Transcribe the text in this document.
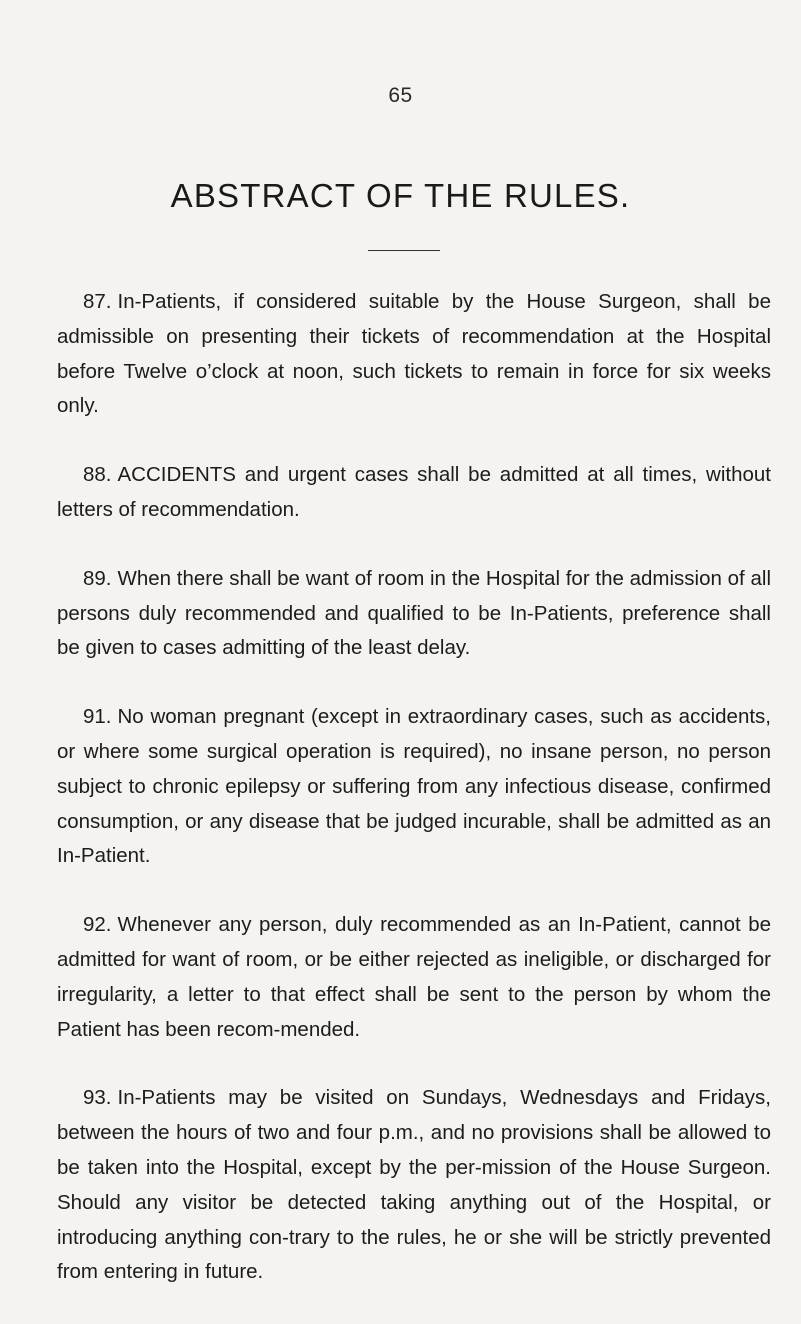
65
ABSTRACT OF THE RULES.

87. In-Patients, if considered suitable by the House Surgeon, shall be admissible on presenting their tickets of recommendation at the Hospital before Twelve o’clock at noon, such tickets to remain in force for six weeks only.

88. ACCIDENTS and urgent cases shall be admitted at all times, without letters of recommendation.

89. When there shall be want of room in the Hospital for the admission of all persons duly recommended and qualified to be In-Patients, preference shall be given to cases admitting of the least delay.

91. No woman pregnant (except in extraordinary cases, such as accidents, or where some surgical operation is required), no insane person, no person subject to chronic epilepsy or suffering from any infectious disease, confirmed consumption, or any disease that be judged incurable, shall be admitted as an In-Patient.

92. Whenever any person, duly recommended as an In-Patient, cannot be admitted for want of room, or be either rejected as ineligible, or discharged for irregularity, a letter to that effect shall be sent to the person by whom the Patient has been recom-mended.

93. In-Patients may be visited on Sundays, Wednesdays and Fridays, between the hours of two and four p.m., and no provisions shall be allowed to be taken into the Hospital, except by the per-mission of the House Surgeon. Should any visitor be detected taking anything out of the Hospital, or introducing anything con-trary to the rules, he or she will be strictly prevented from entering in future.
